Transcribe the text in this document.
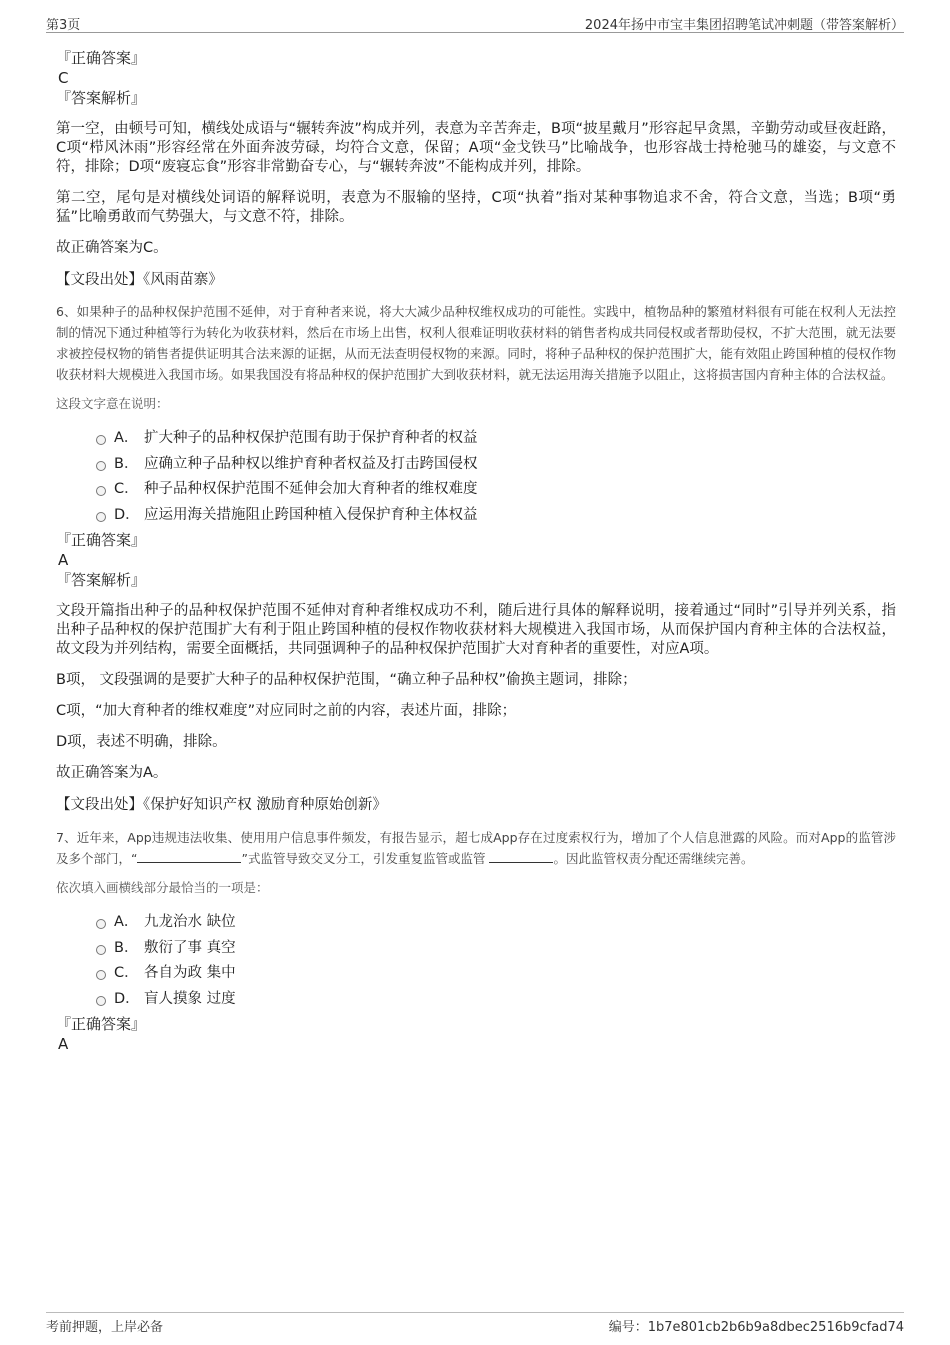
第3页	2024年扬中市宝丰集团招聘笔试冲刺题（带答案解析）

『正确答案』

C

『答案解析』

第一空，由顿号可知，横线处成语与“辗转奔波”构成并列，表意为辛苦奔走，B项“披星戴月”形容起早贪黑，辛勤劳动或昼夜赶路，C项“栉风沐雨”形容经常在外面奔波劳碌，均符合文意，保留；A项“金戈铁马”比喻战争，也形容战士持枪驰马的雄姿，与文意不符，排除；D项“废寝忘食”形容非常勤奋专心，与“辗转奔波”不能构成并列，排除。

第二空，尾句是对横线处词语的解释说明，表意为不服输的坚持，C项“执着”指对某种事物追求不舍，符合文意，当选；B项“勇猛”比喻勇敢而气势强大，与文意不符，排除。

故正确答案为C。

【文段出处】《风雨苗寨》

6、如果种子的品种权保护范围不延伸，对于育种者来说，将大大减少品种权维权成功的可能性。实践中，植物品种的繁殖材料很有可能在权利人无法控制的情况下通过种植等行为转化为收获材料，然后在市场上出售，权利人很难证明收获材料的销售者构成共同侵权或者帮助侵权，不扩大范围，就无法要求被控侵权物的销售者提供证明其合法来源的证据，从而无法查明侵权物的来源。同时，将种子品种权的保护范围扩大，能有效阻止跨国种植的侵权作物收获材料大规模进入我国市场。如果我国没有将品种权的保护范围扩大到收获材料，就无法运用海关措施予以阻止，这将损害国内育种主体的合法权益。

这段文字意在说明：

A． 扩大种子的品种权保护范围有助于保护育种者的权益
B． 应确立种子品种权以维护育种者权益及打击跨国侵权
C． 种子品种权保护范围不延伸会加大育种者的维权难度
D． 应运用海关措施阻止跨国种植入侵保护育种主体权益

『正确答案』

A

『答案解析』

文段开篇指出种子的品种权保护范围不延伸对育种者维权成功不利，随后进行具体的解释说明，接着通过“同时”引导并列关系，指出种子品种权的保护范围扩大有利于阻止跨国种植的侵权作物收获材料大规模进入我国市场，从而保护国内育种主体的合法权益，故文段为并列结构，需要全面概括，共同强调种子的品种权保护范围扩大对育种者的重要性，对应A项。

B项， 文段强调的是要扩大种子的品种权保护范围，“确立种子品种权”偷换主题词，排除；

C项，“加大育种者的维权难度”对应同时之前的内容，表述片面，排除；

D项，表述不明确，排除。

故正确答案为A。

【文段出处】《保护好知识产权 激励育种原始创新》

7、近年来，App违规违法收集、使用用户信息事件频发，有报告显示，超七成App存在过度索权行为，增加了个人信息泄露的风险。而对App的监管涉及多个部门，“	”式监管导致交叉分工，引发重复监管或监管	。因此监管权责分配还需继续完善。

依次填入画横线部分最恰当的一项是：

A． 九龙治水 缺位
B． 敷衍了事 真空
C． 各自为政 集中
D． 盲人摸象 过度

『正确答案』

A

考前押题，上岸必备	编号：1b7e801cb2b6b9a8dbec2516b9cfad74
